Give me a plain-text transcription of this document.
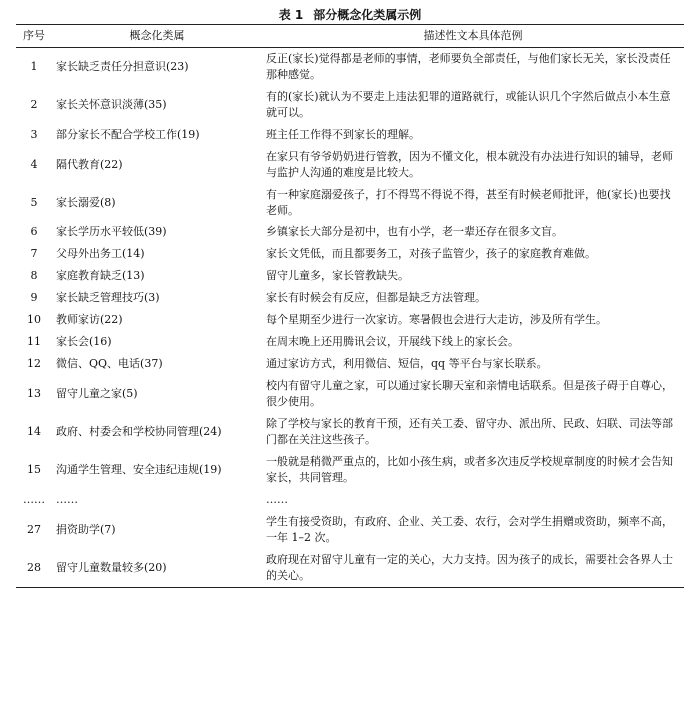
表 1 部分概念化类属示例
序号	概念化类属	描述性文本具体范例
1	家长缺乏责任分担意识(23)	反正(家长)觉得都是老师的事情，老师要负全部责任，与他们家长无关，家长没责任那种感觉。
2	家长关怀意识淡薄(35)	有的(家长)就认为不要走上违法犯罪的道路就行，或能认识几个字然后做点小本生意就可以。
3	部分家长不配合学校工作(19)	班主任工作得不到家长的理解。
4	隔代教育(22)	在家只有爷爷奶奶进行管教，因为不懂文化，根本就没有办法进行知识的辅导，老师与监护人沟通的难度是比较大。
5	家长溺爱(8)	有一种家庭溺爱孩子，打不得骂不得说不得，甚至有时候老师批评，他(家长)也要找老师。
6	家长学历水平较低(39)	乡镇家长大部分是初中，也有小学，老一辈还存在很多文盲。
7	父母外出务工(14)	家长文凭低，而且都要务工，对孩子监管少，孩子的家庭教育难做。
8	家庭教育缺乏(13)	留守儿童多，家长管教缺失。
9	家长缺乏管理技巧(3)	家长有时候会有反应，但都是缺乏方法管理。
10	教师家访(22)	每个星期至少进行一次家访。寒暑假也会进行大走访，涉及所有学生。
11	家长会(16)	在周末晚上还用腾讯会议，开展线下线上的家长会。
12	微信、QQ、电话(37)	通过家访方式，利用微信、短信，qq 等平台与家长联系。
13	留守儿童之家(5)	校内有留守儿童之家，可以通过家长聊天室和亲情电话联系。但是孩子碍于自尊心，很少使用。
14	政府、村委会和学校协同管理(24)	除了学校与家长的教育干预，还有关工委、留守办、派出所、民政、妇联、司法等部门都在关注这些孩子。
15	沟通学生管理、安全违纪违规(19)	一般就是稍微严重点的，比如小孩生病，或者多次违反学校规章制度的时候才会告知家长，共同管理。
……	……	……
27	捐资助学(7)	学生有接受资助，有政府、企业、关工委、农行，会对学生捐赠或资助，频率不高，一年 1–2 次。
28	留守儿童数量较多(20)	政府现在对留守儿童有一定的关心，大力支持。因为孩子的成长，需要社会各界人士的关心。
